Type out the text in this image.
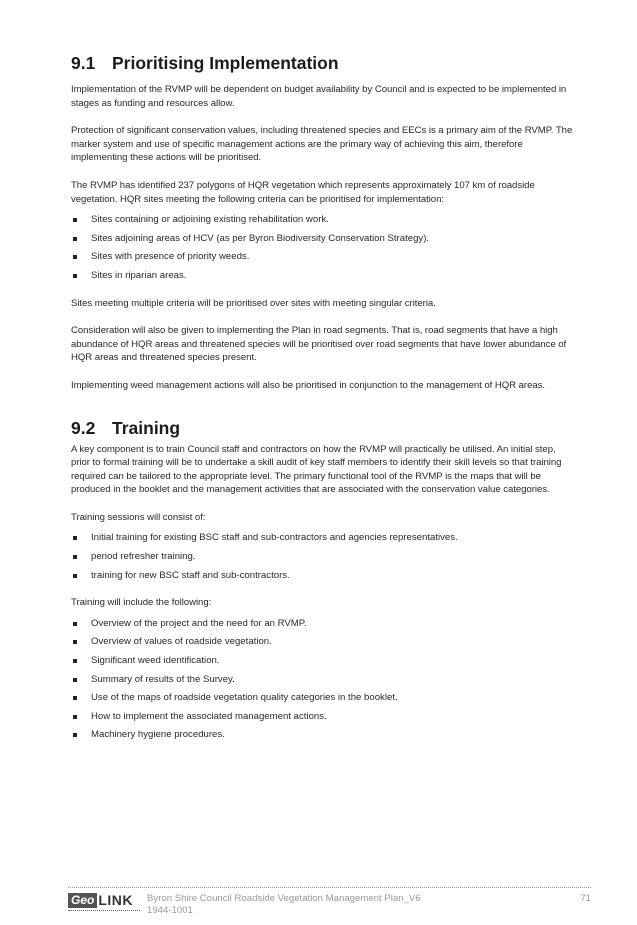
9.1 Prioritising Implementation

Implementation of the RVMP will be dependent on budget availability by Council and is expected to be implemented in stages as funding and resources allow.

Protection of significant conservation values, including threatened species and EECs is a primary aim of the RVMP. The marker system and use of specific management actions are the primary way of achieving this aim, therefore implementing these actions will be prioritised.

The RVMP has identified 237 polygons of HQR vegetation which represents approximately 107 km of roadside vegetation. HQR sites meeting the following criteria can be prioritised for implementation:

Sites containing or adjoining existing rehabilitation work.
Sites adjoining areas of HCV (as per Byron Biodiversity Conservation Strategy).
Sites with presence of priority weeds.
Sites in riparian areas.

Sites meeting multiple criteria will be prioritised over sites with meeting singular criteria.

Consideration will also be given to implementing the Plan in road segments. That is, road segments that have a high abundance of HQR areas and threatened species will be prioritised over road segments that have lower abundance of HQR areas and threatened species present.

Implementing weed management actions will also be prioritised in conjunction to the management of HQR areas.

9.2 Training

A key component is to train Council staff and contractors on how the RVMP will practically be utilised. An initial step, prior to formal training will be to undertake a skill audit of key staff members to identify their skill levels so that training required can be tailored to the appropriate level. The primary functional tool of the RVMP is the maps that will be produced in the booklet and the management activities that are associated with the conservation value categories.

Training sessions will consist of:

Initial training for existing BSC staff and sub-contractors and agencies representatives.
period refresher training.
training for new BSC staff and sub-contractors.

Training will include the following:

Overview of the project and the need for an RVMP.
Overview of values of roadside vegetation.
Significant weed identification.
Summary of results of the Survey.
Use of the maps of roadside vegetation quality categories in the booklet.
How to implement the associated management actions.
Machinery hygiene procedures.
Geo LINK Byron Shire Council Roadside Vegetation Management Plan_V6
1944-1001
71
